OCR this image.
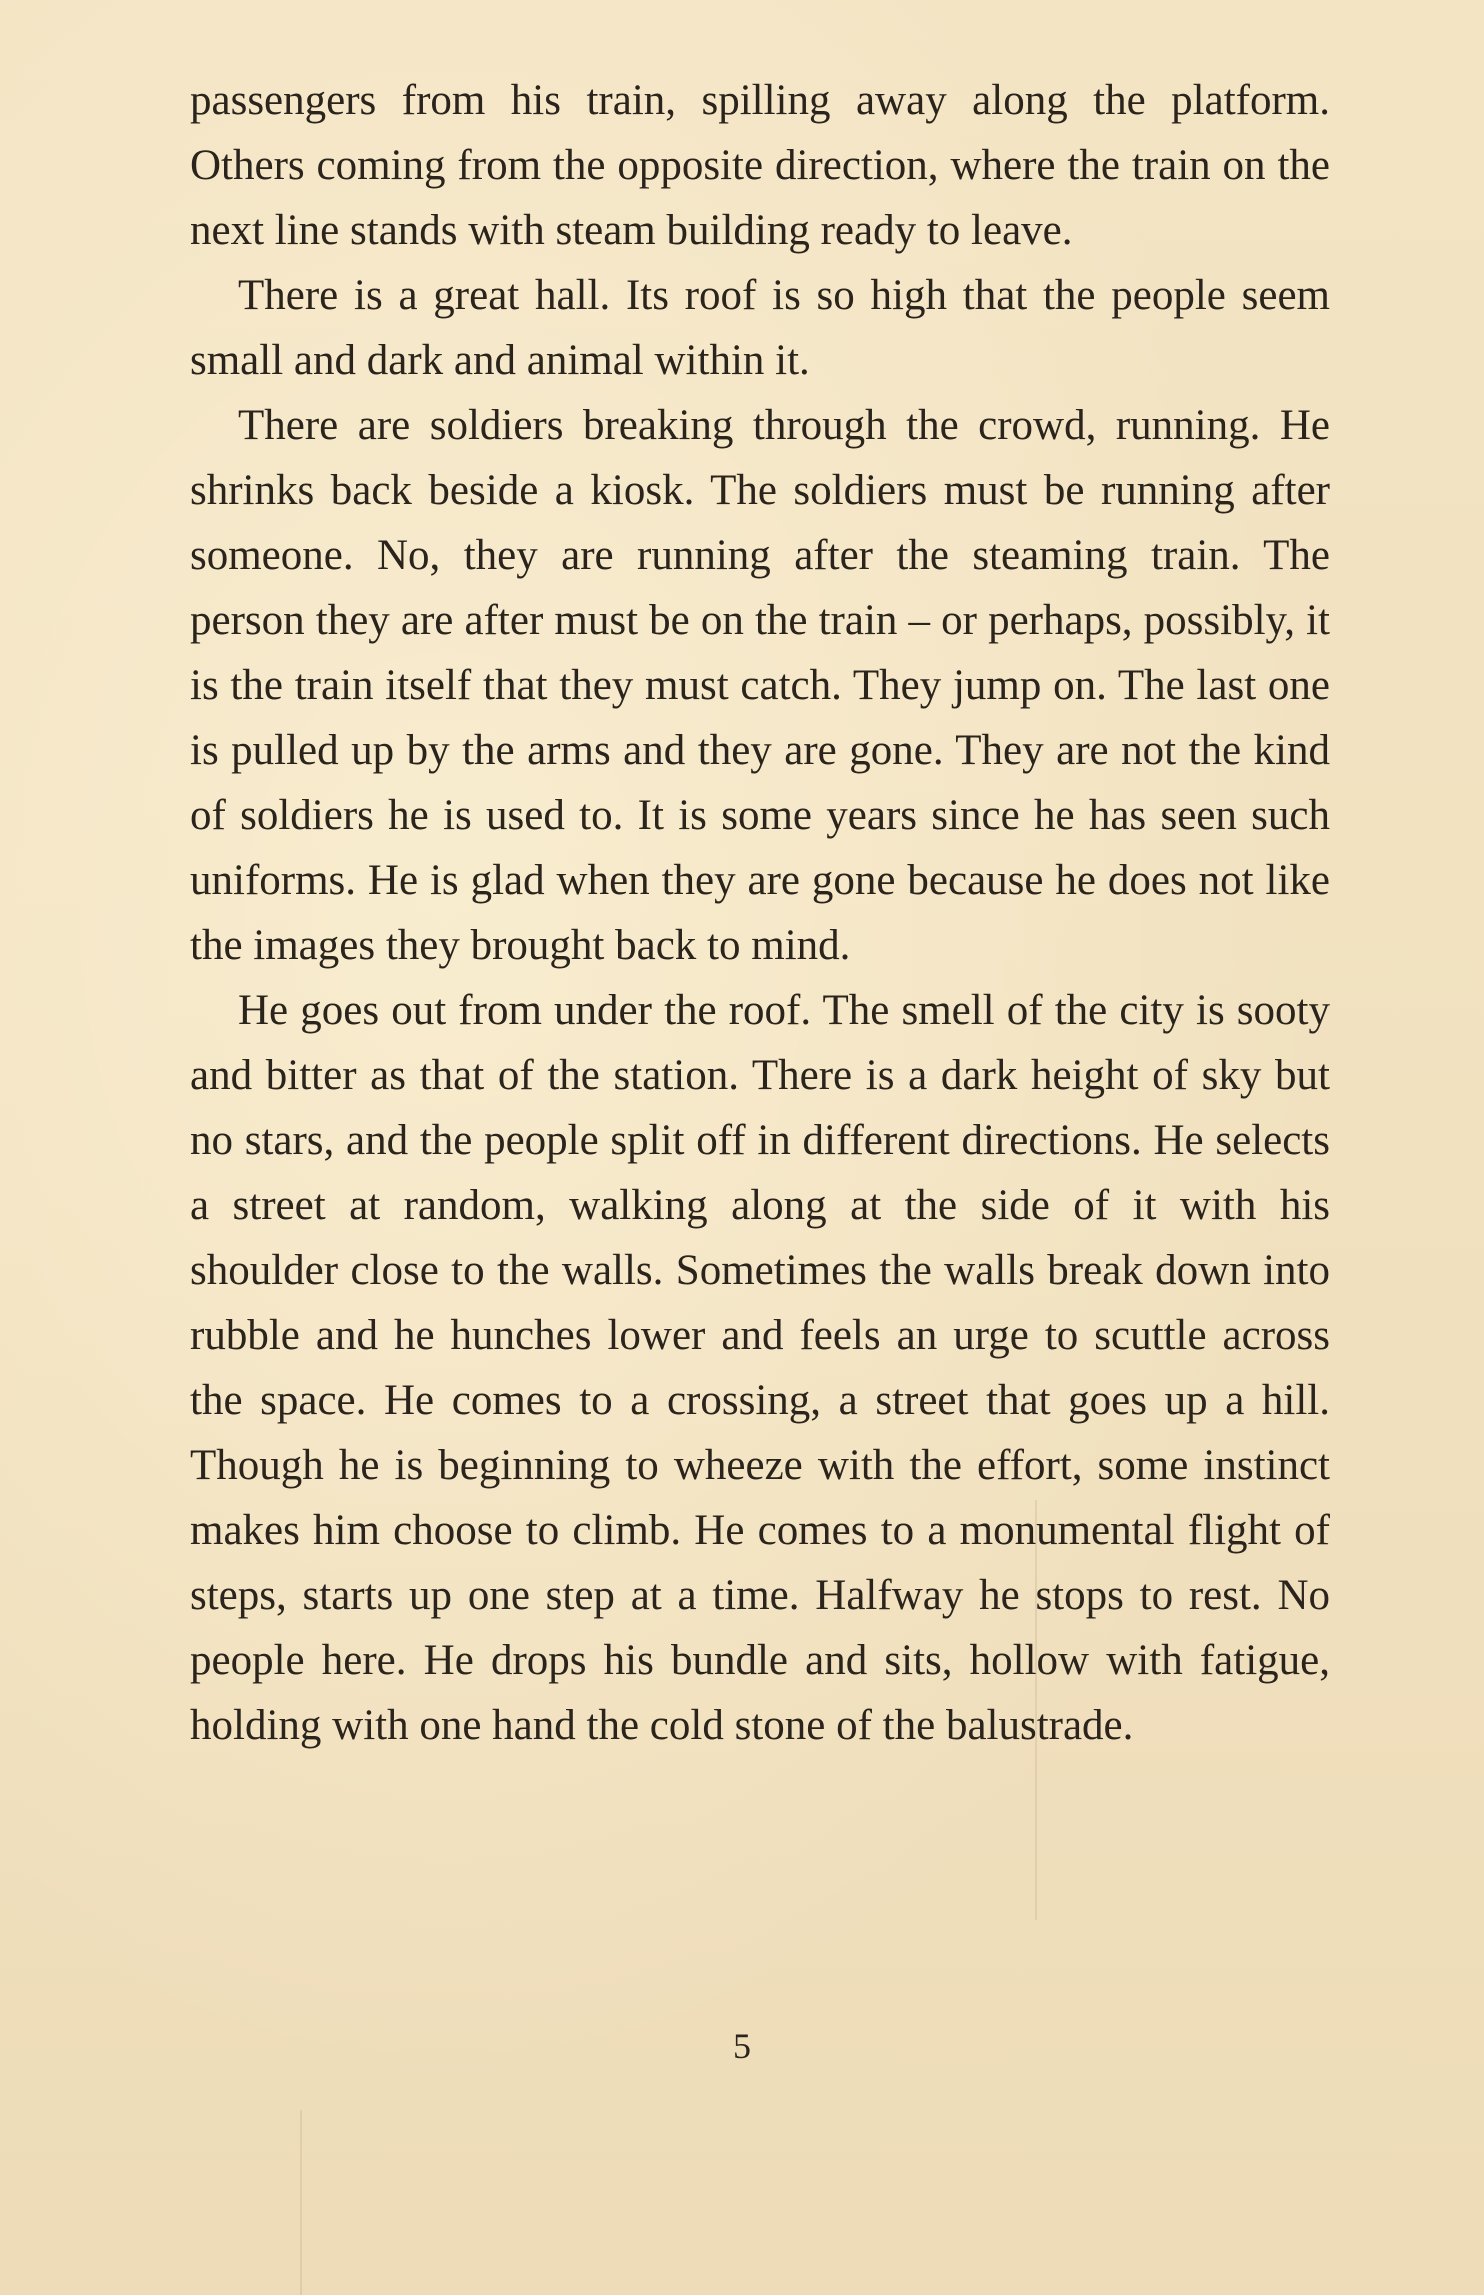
passengers from his train, spilling away along the platform. Others coming from the opposite direction, where the train on the next line stands with steam building ready to leave.

There is a great hall. Its roof is so high that the people seem small and dark and animal within it.

There are soldiers breaking through the crowd, running. He shrinks back beside a kiosk. The soldiers must be running after someone. No, they are running after the steaming train. The person they are after must be on the train – or perhaps, possibly, it is the train itself that they must catch. They jump on. The last one is pulled up by the arms and they are gone. They are not the kind of soldiers he is used to. It is some years since he has seen such uniforms. He is glad when they are gone because he does not like the images they brought back to mind.

He goes out from under the roof. The smell of the city is sooty and bitter as that of the station. There is a dark height of sky but no stars, and the people split off in different directions. He selects a street at random, walking along at the side of it with his shoulder close to the walls. Sometimes the walls break down into rubble and he hunches lower and feels an urge to scuttle across the space. He comes to a crossing, a street that goes up a hill. Though he is beginning to wheeze with the effort, some instinct makes him choose to climb. He comes to a monumental flight of steps, starts up one step at a time. Halfway he stops to rest. No people here. He drops his bundle and sits, hollow with fatigue, holding with one hand the cold stone of the balustrade.

5
